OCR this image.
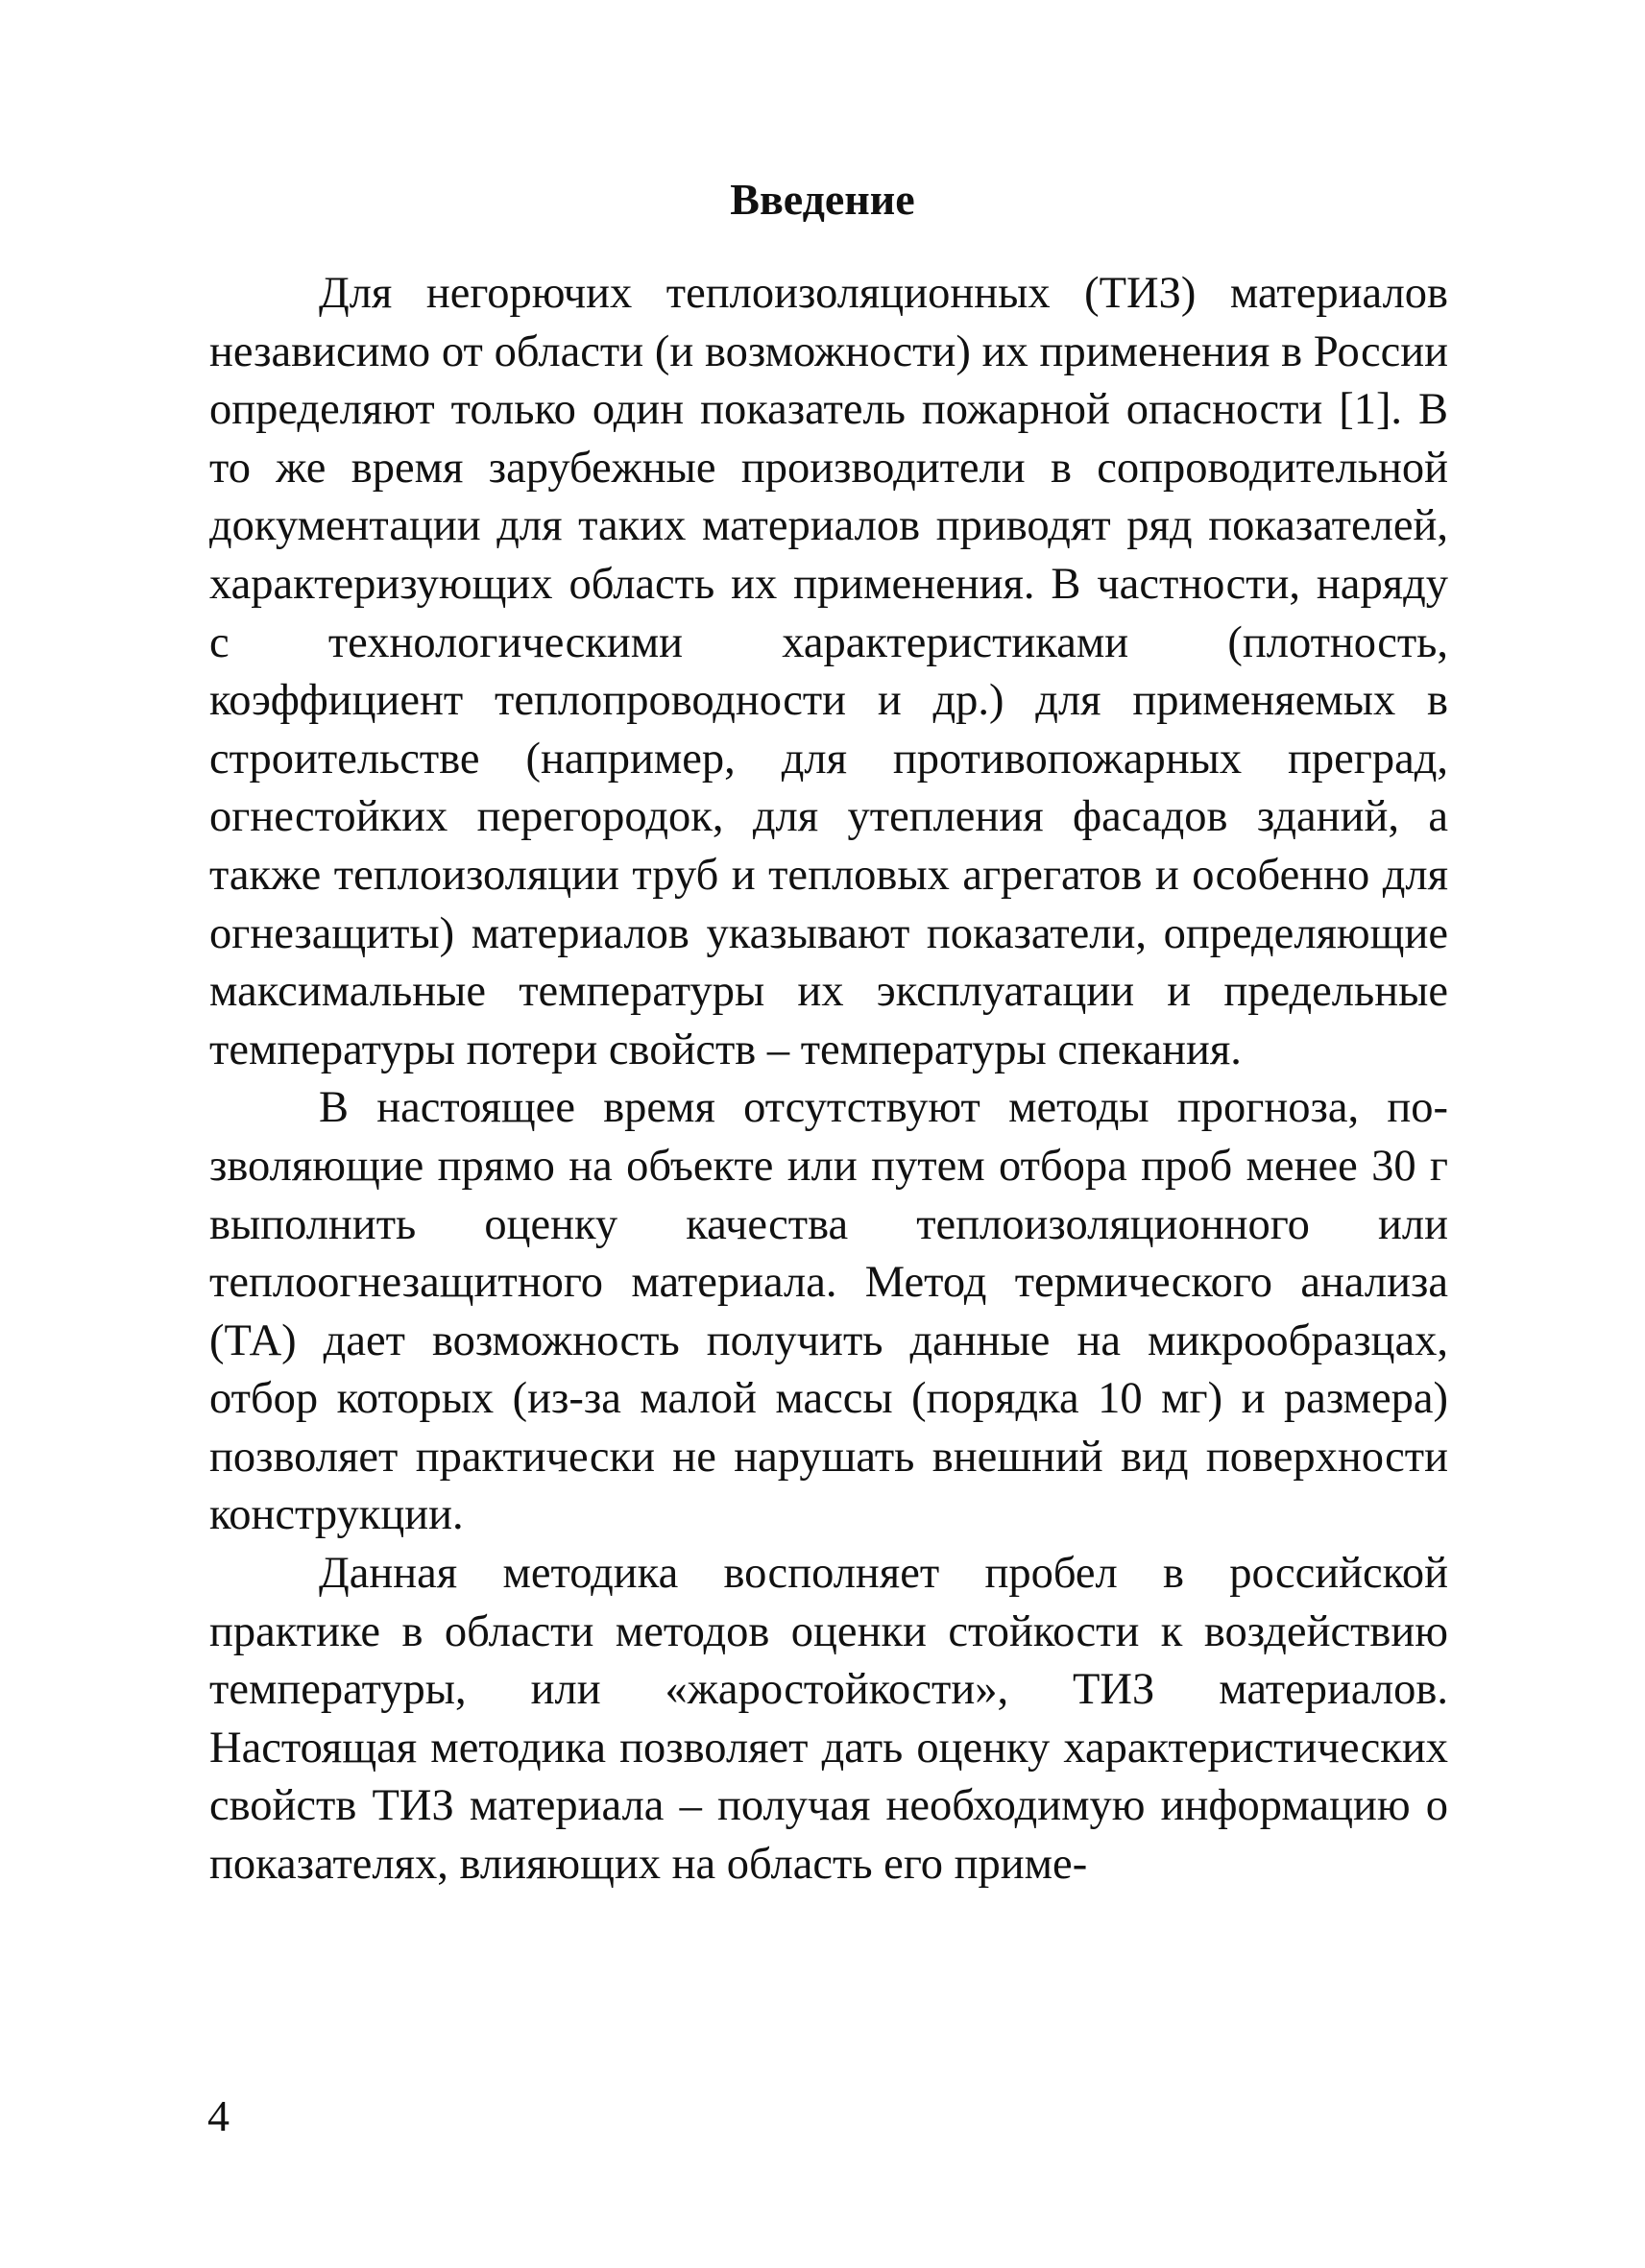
Введение

Для негорючих теплоизоляционных (ТИЗ) материалов независимо от области (и возможности) их применения в России определяют только один показатель пожарной опасности [1]. В то же время зарубежные производители в сопроводительной документации для таких материалов приводят ряд показателей, характеризующих область их применения. В частности, наряду с технологическими характеристиками (плотность, коэффициент теплопроводности и др.) для применяемых в строительстве (например, для противопожарных преград, огнестойких перегородок, для утепления фасадов зданий, а также теплоизоляции труб и тепловых агрегатов и особенно для огнезащиты) материалов указывают показатели, определяющие максимальные температуры их эксплуатации и предельные температуры потери свойств – температуры спекания.

В настоящее время отсутствуют методы прогноза, позволяющие прямо на объекте или путем отбора проб менее 30 г выполнить оценку качества теплоизоляционного или теплоогнезащитного материала. Метод термического анализа (ТА) дает возможность получить данные на микрообразцах, отбор которых (из-за малой массы (порядка 10 мг) и размера) позволяет практически не нарушать внешний вид поверхности конструкции.

Данная методика восполняет пробел в российской практике в области методов оценки стойкости к воздействию температуры, или «жаростойкости», ТИЗ материалов. Настоящая методика позволяет дать оценку характеристических свойств ТИЗ материала – получая необходимую информацию о показателях, влияющих на область его приме-

4
